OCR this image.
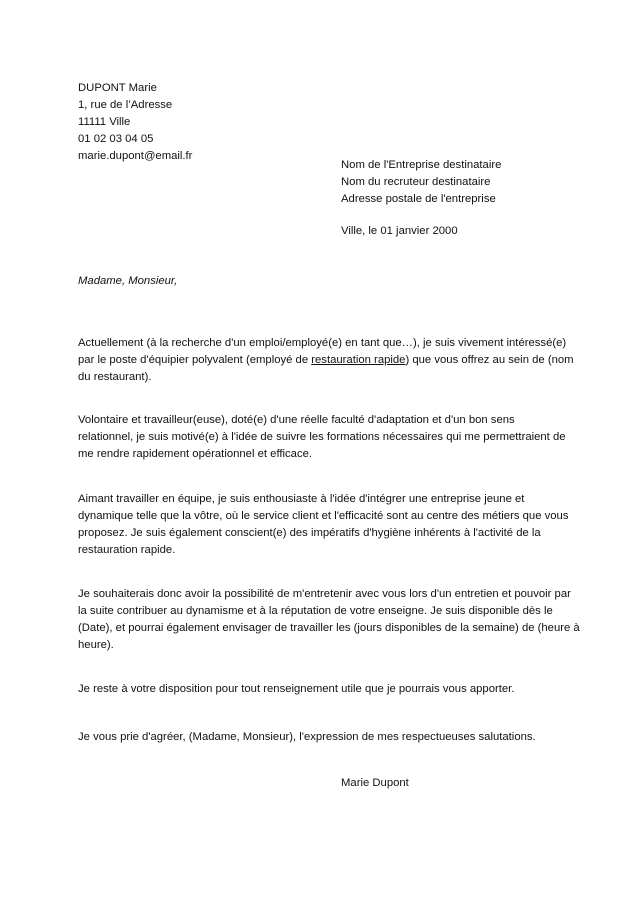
DUPONT Marie
1, rue de l’Adresse
11111 Ville
01 02 03 04 05
marie.dupont@email.fr
Nom de l'Entreprise destinataire
Nom du recruteur destinataire
Adresse postale de l'entreprise
Ville, le 01 janvier 2000
Madame, Monsieur,
Actuellement (à la recherche d'un emploi/employé(e) en tant que…), je suis vivement intéressé(e)
par le poste d'équipier polyvalent (employé de restauration rapide) que vous offrez au sein de (nom
du restaurant).
Volontaire et travailleur(euse), doté(e) d'une réelle faculté d'adaptation et d'un bon sens
relationnel, je suis motivé(e) à l'idée de suivre les formations nécessaires qui me permettraient de
me rendre rapidement opérationnel et efficace.
Aimant travailler en équipe, je suis enthousiaste à l'idée d'intégrer une entreprise jeune et
dynamique telle que la vôtre, où le service client et l'efficacité sont au centre des métiers que vous
proposez. Je suis également conscient(e) des impératifs d'hygiène inhérents à l'activité de la
restauration rapide.
Je souhaiterais donc avoir la possibilité de m'entretenir avec vous lors d'un entretien et pouvoir par
la suite contribuer au dynamisme et à la réputation de votre enseigne. Je suis disponible dès le
(Date), et pourrai également envisager de travailler les (jours disponibles de la semaine) de (heure à
heure).
Je reste à votre disposition pour tout renseignement utile que je pourrais vous apporter.
Je vous prie d'agréer, (Madame, Monsieur), l'expression de mes respectueuses salutations.
Marie Dupont
